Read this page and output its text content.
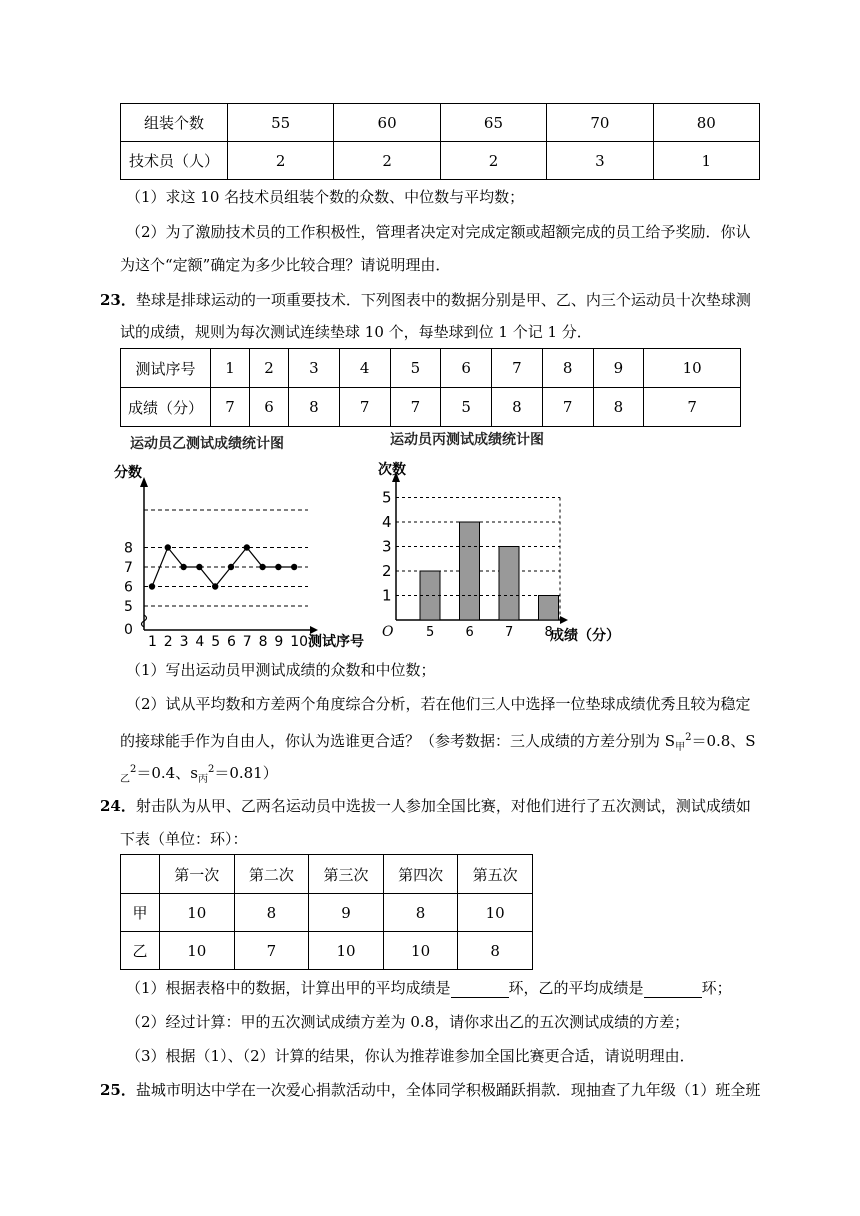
组装个数	55	60	65	70	80
技术员（人）	2	2	2	3	1
（1）求这 10 名技术员组装个数的众数、中位数与平均数；
（2）为了激励技术员的工作积极性，管理者决定对完成定额或超额完成的员工给予奖励．你认
为这个“定额”确定为多少比较合理？请说明理由．
23．垫球是排球运动的一项重要技术．下列图表中的数据分别是甲、乙、内三个运动员十次垫球测
试的成绩，规则为每次测试连续垫球 10 个，每垫球到位 1 个记 1 分．
测试序号	1	2	3	4	5	6	7	8	9	10
成绩（分）	7	6	8	7	7	5	8	7	8	7
运动员乙测试成绩统计图
0
5
6
7
8
分数
1 2 3 4 5 6 7 8 9 10 测试序号
运动员丙测试成绩统计图
1
2
3
4
5
次数
O	5 6 7 8
成绩（分）
（1）写出运动员甲测试成绩的众数和中位数；
（2）试从平均数和方差两个角度综合分析，若在他们三人中选择一位垫球成绩优秀且较为稳定
的接球能手作为自由人，你认为选谁更合适？（参考数据：三人成绩的方差分别为 $S_甲^2=0.8$、S
$_乙^2$＝0.4、$s_丙^2=0.81$）
24．射击队为从甲、乙两名运动员中选拔一人参加全国比赛，对他们进行了五次测试，测试成绩如
下表（单位：环）：
	第一次	第二次	第三次	第四次	第五次
甲	10	8	9	8	10
乙	10	7	10	10	8
（1）根据表格中的数据，计算出甲的平均成绩是	环，乙的平均成绩是	环；
（2）经过计算：甲的五次测试成绩方差为 0.8，请你求出乙的五次测试成绩的方差；
（3）根据（1）、（2）计算的结果，你认为推荐谁参加全国比赛更合适，请说明理由．
25．盐城市明达中学在一次爱心捐款活动中，全体同学积极踊跃捐款．现抽查了九年级（1）班全班
